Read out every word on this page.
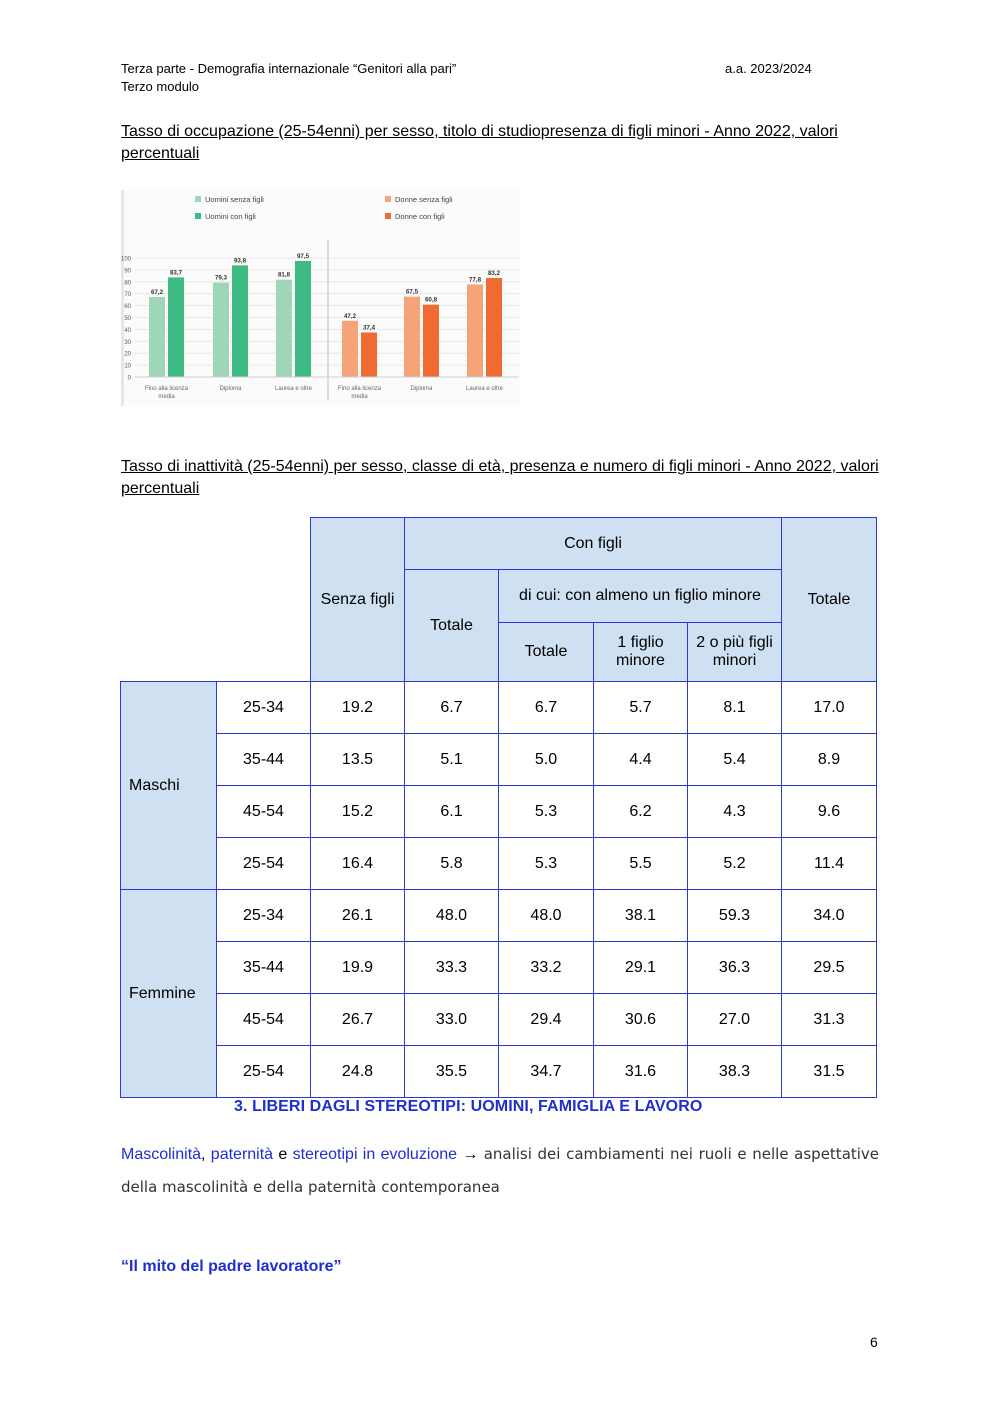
Terza parte - Demografia internazionale “Genitori alla pari”
Terzo modulo
a.a. 2023/2024
Tasso di occupazione (25-54enni) per sesso, titolo di studiopresenza di figli minori - Anno 2022, valori percentuali
0
10
20
30
40
50
60
70
80
90
100
Uomini senza figli
Uomini con figli
Donne senza figli
Donne con figli
67,2
83,7
Fino alla licenza
media
79,3
93,8
Diploma
81,8
97,5
Laurea e oltre
47,2
37,4
Fino alla licenza
media
67,5
60,8
Diploma
77,8
83,2
Laurea e oltre
Tasso di inattività (25-54enni) per sesso, classe di età, presenza e numero di figli minori - Anno 2022, valori percentuali
		Senza figli	Con figli				Totale
			Totale	di cui: con almeno un figlio minore			
				Totale	1 figlio minore	2 o più figli minori	
Maschi	25-34	19.2	6.7	6.7	5.7	8.1	17.0
	35-44	13.5	5.1	5.0	4.4	5.4	8.9
	45-54	15.2	6.1	5.3	6.2	4.3	9.6
	25-54	16.4	5.8	5.3	5.5	5.2	11.4
Femmine	25-34	26.1	48.0	48.0	38.1	59.3	34.0
	35-44	19.9	33.3	33.2	29.1	36.3	29.5
	45-54	26.7	33.0	29.4	30.6	27.0	31.3
	25-54	24.8	35.5	34.7	31.6	38.3	31.5
3. LIBERI DAGLI STEREOTIPI: UOMINI, FAMIGLIA E LAVORO
Mascolinità, paternità e stereotipi in evoluzione → analisi dei cambiamenti nei ruoli e nelle aspettative della mascolinità e della paternità contemporanea
“Il mito del padre lavoratore”
6
